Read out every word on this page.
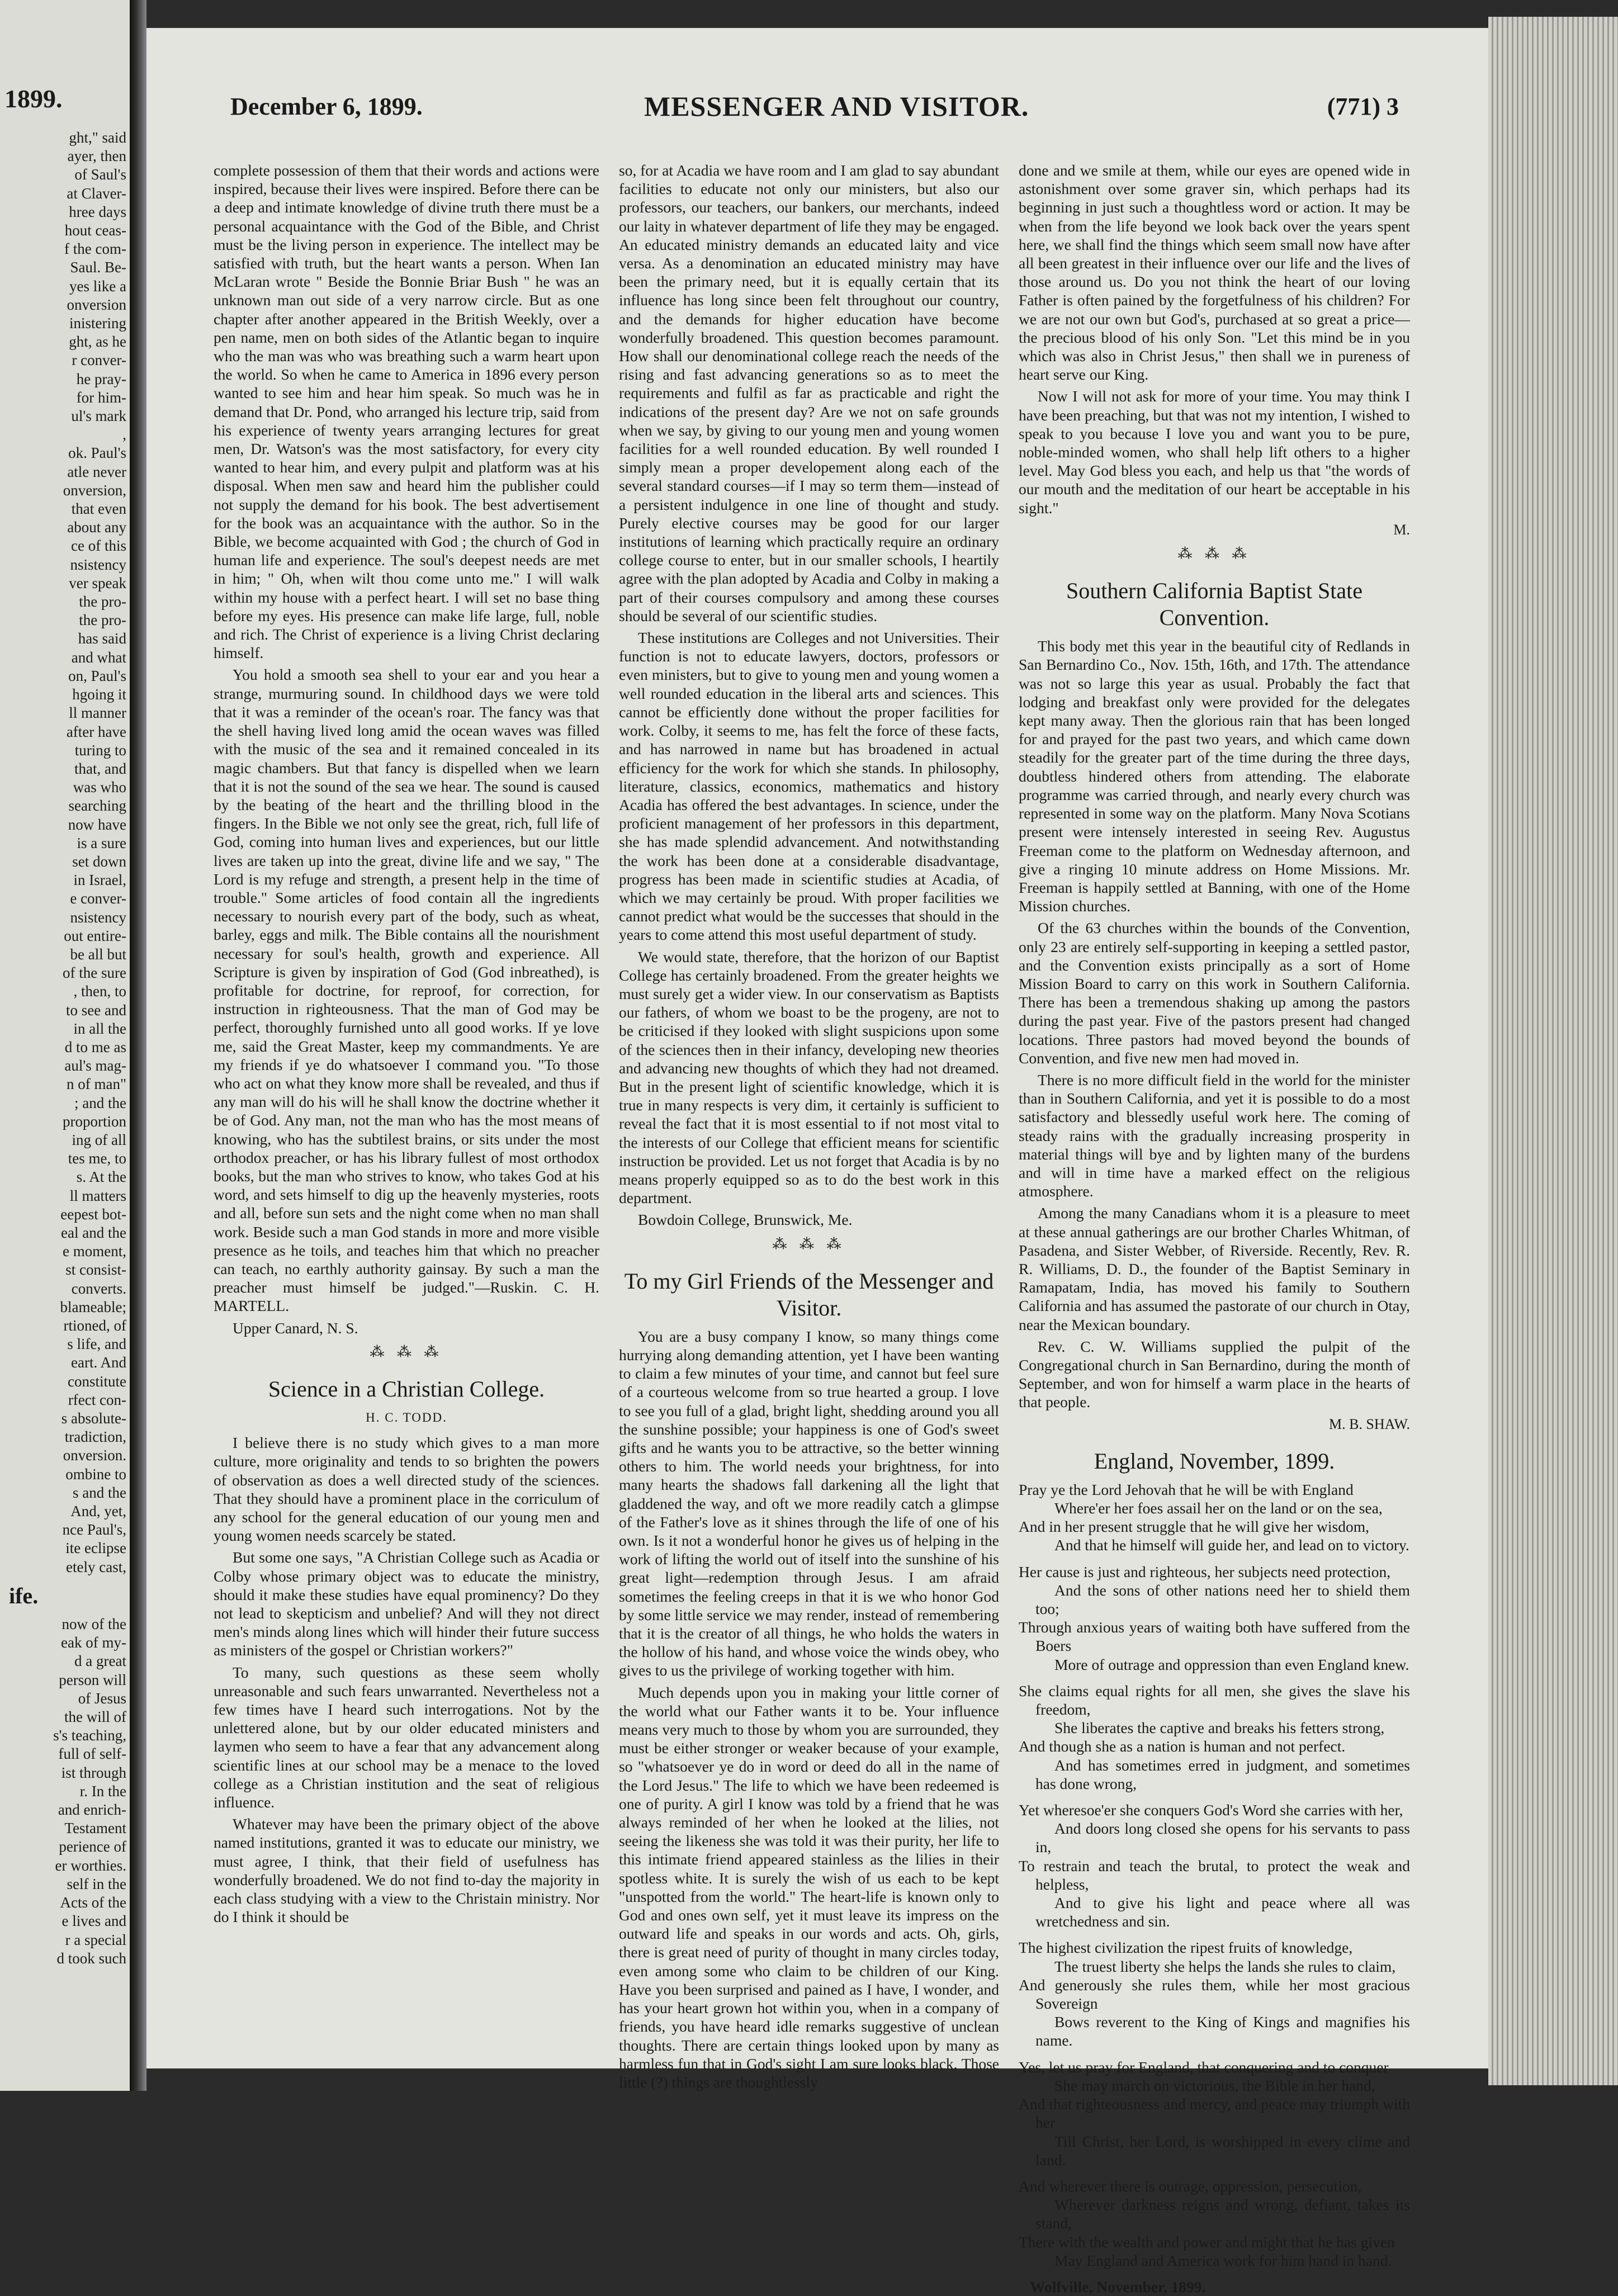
1899.
ght," said
ayer, then
of Saul's
at Claver-
hree days
hout ceas-
f the com-
Saul. Be-
yes like a
onversion
inistering
ght, as he
r conver-
he pray-
for him-
ul's mark
,
ok. Paul's
atle never
onversion,
that even
about any
ce of this
nsistency
ver speak
the pro-
the pro-
has said
and what
on, Paul's
hgoing it
ll manner
after have
turing to
that, and
was who
searching
now have
is a sure
set down
in Israel,
e conver-
nsistency
out entire-
be all but
of the sure
, then, to
to see and
in all the
d to me as
aul's mag-
n of man"
; and the
proportion
ing of all
tes me, to
s. At the
ll matters
eepest bot-
eal and the
e moment,
st consist-
converts.
blameable;
rtioned, of
s life, and
eart. And
constitute
rfect con-
s absolute-
tradiction,
onversion.
ombine to
s and the
And, yet,
nce Paul's,
ite eclipse
etely cast,
ife.
now of the
eak of my-
d a great
person will
of Jesus
the will of
s's teaching,
full of self-
ist through
r. In the
and enrich-
Testament
perience of
er worthies.
self in the
Acts of the
e lives and
r a special
d took such
December 6, 1899.	MESSENGER AND VISITOR.	(771) 3

complete possession of them that their words and actions were inspired, because their lives were inspired. Before there can be a deep and intimate knowledge of divine truth there must be a personal acquaintance with the God of the Bible, and Christ must be the living person in experience. The intellect may be satisfied with truth, but the heart wants a person. When Ian McLaran wrote " Beside the Bonnie Briar Bush " he was an unknown man out side of a very narrow circle. But as one chapter after another appeared in the British Weekly, over a pen name, men on both sides of the Atlantic began to inquire who the man was who was breathing such a warm heart upon the world. So when he came to America in 1896 every person wanted to see him and hear him speak. So much was he in demand that Dr. Pond, who arranged his lecture trip, said from his experience of twenty years arranging lectures for great men, Dr. Watson's was the most satisfactory, for every city wanted to hear him, and every pulpit and platform was at his disposal. When men saw and heard him the publisher could not supply the demand for his book. The best advertisement for the book was an acquaintance with the author. So in the Bible, we become acquainted with God ; the church of God in human life and experience. The soul's deepest needs are met in him; " Oh, when wilt thou come unto me." I will walk within my house with a perfect heart. I will set no base thing before my eyes. His presence can make life large, full, noble and rich. The Christ of experience is a living Christ declaring himself.

You hold a smooth sea shell to your ear and you hear a strange, murmuring sound. In childhood days we were told that it was a reminder of the ocean's roar. The fancy was that the shell having lived long amid the ocean waves was filled with the music of the sea and it remained concealed in its magic chambers. But that fancy is dispelled when we learn that it is not the sound of the sea we hear. The sound is caused by the beating of the heart and the thrilling blood in the fingers. In the Bible we not only see the great, rich, full life of God, coming into human lives and experiences, but our little lives are taken up into the great, divine life and we say, " The Lord is my refuge and strength, a present help in the time of trouble." Some articles of food contain all the ingredients necessary to nourish every part of the body, such as wheat, barley, eggs and milk. The Bible contains all the nourishment necessary for soul's health, growth and experience. All Scripture is given by inspiration of God (God inbreathed), is profitable for doctrine, for reproof, for correction, for instruction in righteousness. That the man of God may be perfect, thoroughly furnished unto all good works. If ye love me, said the Great Master, keep my commandments. Ye are my friends if ye do whatsoever I command you. "To those who act on what they know more shall be revealed, and thus if any man will do his will he shall know the doctrine whether it be of God. Any man, not the man who has the most means of knowing, who has the subtilest brains, or sits under the most orthodox preacher, or has his library fullest of most orthodox books, but the man who strives to know, who takes God at his word, and sets himself to dig up the heavenly mysteries, roots and all, before sun sets and the night come when no man shall work. Beside such a man God stands in more and more visible presence as he toils, and teaches him that which no preacher can teach, no earthly authority gainsay. By such a man the preacher must himself be judged."—Ruskin. C. H. MARTELL.

Upper Canard, N. S.

⁂ ⁂ ⁂
Science in a Christian College.
H. C. TODD.

I believe there is no study which gives to a man more culture, more originality and tends to so brighten the powers of observation as does a well directed study of the sciences. That they should have a prominent place in the corriculum of any school for the general education of our young men and young women needs scarcely be stated.

But some one says, "A Christian College such as Acadia or Colby whose primary object was to educate the ministry, should it make these studies have equal prominency? Do they not lead to skepticism and unbelief? And will they not direct men's minds along lines which will hinder their future success as ministers of the gospel or Christian workers?"

To many, such questions as these seem wholly unreasonable and such fears unwarranted. Nevertheless not a few times have I heard such interrogations. Not by the unlettered alone, but by our older educated ministers and laymen who seem to have a fear that any advancement along scientific lines at our school may be a menace to the loved college as a Christian institution and the seat of religious influence.

Whatever may have been the primary object of the above named institutions, granted it was to educate our ministry, we must agree, I think, that their field of usefulness has wonderfully broadened. We do not find to-day the majority in each class studying with a view to the Christain ministry. Nor do I think it should be

so, for at Acadia we have room and I am glad to say abundant facilities to educate not only our ministers, but also our professors, our teachers, our bankers, our merchants, indeed our laity in whatever department of life they may be engaged. An educated ministry demands an educated laity and vice versa. As a denomination an educated ministry may have been the primary need, but it is equally certain that its influence has long since been felt throughout our country, and the demands for higher education have become wonderfully broadened. This question becomes paramount. How shall our denominational college reach the needs of the rising and fast advancing generations so as to meet the requirements and fulfil as far as practicable and right the indications of the present day? Are we not on safe grounds when we say, by giving to our young men and young women facilities for a well rounded education. By well rounded I simply mean a proper developement along each of the several standard courses—if I may so term them—instead of a persistent indulgence in one line of thought and study. Purely elective courses may be good for our larger institutions of learning which practically require an ordinary college course to enter, but in our smaller schools, I heartily agree with the plan adopted by Acadia and Colby in making a part of their courses compulsory and among these courses should be several of our scientific studies.

These institutions are Colleges and not Universities. Their function is not to educate lawyers, doctors, professors or even ministers, but to give to young men and young women a well rounded education in the liberal arts and sciences. This cannot be efficiently done without the proper facilities for work. Colby, it seems to me, has felt the force of these facts, and has narrowed in name but has broadened in actual efficiency for the work for which she stands. In philosophy, literature, classics, economics, mathematics and history Acadia has offered the best advantages. In science, under the proficient management of her professors in this department, she has made splendid advancement. And notwithstanding the work has been done at a considerable disadvantage, progress has been made in scientific studies at Acadia, of which we may certainly be proud. With proper facilities we cannot predict what would be the successes that should in the years to come attend this most useful department of study.

We would state, therefore, that the horizon of our Baptist College has certainly broadened. From the greater heights we must surely get a wider view. In our conservatism as Baptists our fathers, of whom we boast to be the progeny, are not to be criticised if they looked with slight suspicions upon some of the sciences then in their infancy, developing new theories and advancing new thoughts of which they had not dreamed. But in the present light of scientific knowledge, which it is true in many respects is very dim, it certainly is sufficient to reveal the fact that it is most essential to if not most vital to the interests of our College that efficient means for scientific instruction be provided. Let us not forget that Acadia is by no means properly equipped so as to do the best work in this department.

Bowdoin College, Brunswick, Me.

⁂ ⁂ ⁂
To my Girl Friends of the Messenger and Visitor.

You are a busy company I know, so many things come hurrying along demanding attention, yet I have been wanting to claim a few minutes of your time, and cannot but feel sure of a courteous welcome from so true hearted a group. I love to see you full of a glad, bright light, shedding around you all the sunshine possible; your happiness is one of God's sweet gifts and he wants you to be attractive, so the better winning others to him. The world needs your brightness, for into many hearts the shadows fall darkening all the light that gladdened the way, and oft we more readily catch a glimpse of the Father's love as it shines through the life of one of his own. Is it not a wonderful honor he gives us of helping in the work of lifting the world out of itself into the sunshine of his great light—redemption through Jesus. I am afraid sometimes the feeling creeps in that it is we who honor God by some little service we may render, instead of remembering that it is the creator of all things, he who holds the waters in the hollow of his hand, and whose voice the winds obey, who gives to us the privilege of working together with him.

Much depends upon you in making your little corner of the world what our Father wants it to be. Your influence means very much to those by whom you are surrounded, they must be either stronger or weaker because of your example, so "whatsoever ye do in word or deed do all in the name of the Lord Jesus." The life to which we have been redeemed is one of purity. A girl I know was told by a friend that he was always reminded of her when he looked at the lilies, not seeing the likeness she was told it was their purity, her life to this intimate friend appeared stainless as the lilies in their spotless white. It is surely the wish of us each to be kept "unspotted from the world." The heart-life is known only to God and ones own self, yet it must leave its impress on the outward life and speaks in our words and acts. Oh, girls, there is great need of purity of thought in many circles today, even among some who claim to be children of our King. Have you been surprised and pained as I have, I wonder, and has your heart grown hot within you, when in a company of friends, you have heard idle remarks suggestive of unclean thoughts. There are certain things looked upon by many as harmless fun that in God's sight I am sure looks black. Those little (?) things are thoughtlessly

done and we smile at them, while our eyes are opened wide in astonishment over some graver sin, which perhaps had its beginning in just such a thoughtless word or action. It may be when from the life beyond we look back over the years spent here, we shall find the things which seem small now have after all been greatest in their influence over our life and the lives of those around us. Do you not think the heart of our loving Father is often pained by the forgetfulness of his children? For we are not our own but God's, purchased at so great a price—the precious blood of his only Son. "Let this mind be in you which was also in Christ Jesus," then shall we in pureness of heart serve our King.

Now I will not ask for more of your time. You may think I have been preaching, but that was not my intention, I wished to speak to you because I love you and want you to be pure, noble-minded women, who shall help lift others to a higher level. May God bless you each, and help us that "the words of our mouth and the meditation of our heart be acceptable in his sight."

M.
⁂ ⁂ ⁂
Southern California Baptist State Convention.

This body met this year in the beautiful city of Redlands in San Bernardino Co., Nov. 15th, 16th, and 17th. The attendance was not so large this year as usual. Probably the fact that lodging and breakfast only were provided for the delegates kept many away. Then the glorious rain that has been longed for and prayed for the past two years, and which came down steadily for the greater part of the time during the three days, doubtless hindered others from attending. The elaborate programme was carried through, and nearly every church was represented in some way on the platform. Many Nova Scotians present were intensely interested in seeing Rev. Augustus Freeman come to the platform on Wednesday afternoon, and give a ringing 10 minute address on Home Missions. Mr. Freeman is happily settled at Banning, with one of the Home Mission churches.

Of the 63 churches within the bounds of the Convention, only 23 are entirely self-supporting in keeping a settled pastor, and the Convention exists principally as a sort of Home Mission Board to carry on this work in Southern California. There has been a tremendous shaking up among the pastors during the past year. Five of the pastors present had changed locations. Three pastors had moved beyond the bounds of Convention, and five new men had moved in.

There is no more difficult field in the world for the minister than in Southern California, and yet it is possible to do a most satisfactory and blessedly useful work here. The coming of steady rains with the gradually increasing prosperity in material things will bye and by lighten many of the burdens and will in time have a marked effect on the religious atmosphere.

Among the many Canadians whom it is a pleasure to meet at these annual gatherings are our brother Charles Whitman, of Pasadena, and Sister Webber, of Riverside. Recently, Rev. R. R. Williams, D. D., the founder of the Baptist Seminary in Ramapatam, India, has moved his family to Southern California and has assumed the pastorate of our church in Otay, near the Mexican boundary.

Rev. C. W. Williams supplied the pulpit of the Congregational church in San Bernardino, during the month of September, and won for himself a warm place in the hearts of that people.

M. B. SHAW.
England, November, 1899.

Pray ye the Lord Jehovah that he will be with England

Where'er her foes assail her on the land or on the sea,

And in her present struggle that he will give her wisdom,

And that he himself will guide her, and lead on to victory.

Her cause is just and righteous, her subjects need protection,

And the sons of other nations need her to shield them too;

Through anxious years of waiting both have suffered from the Boers

More of outrage and oppression than even England knew.

She claims equal rights for all men, she gives the slave his freedom,

She liberates the captive and breaks his fetters strong,

And though she as a nation is human and not perfect.

And has sometimes erred in judgment, and sometimes has done wrong,

Yet wheresoe'er she conquers God's Word she carries with her,

And doors long closed she opens for his servants to pass in,

To restrain and teach the brutal, to protect the weak and helpless,

And to give his light and peace where all was wretchedness and sin.

The highest civilization the ripest fruits of knowledge,

The truest liberty she helps the lands she rules to claim,

And generously she rules them, while her most gracious Sovereign

Bows reverent to the King of Kings and magnifies his name.

Yes, let us pray for England, that conquering and to conquer

She may march on victorious, the Bible in her hand,

And that righteousness and mercy, and peace may triumph with her

Till Christ, her Lord, is worshipped in every clime and land.

And wherever there is outrage, oppression, persecution,

Wherever darkness reigns and wrong, defiant, takes its stand,

There with the wealth and power and might that he has given

May England and America work for him hand in hand.

Wolfville, November, 1899.
